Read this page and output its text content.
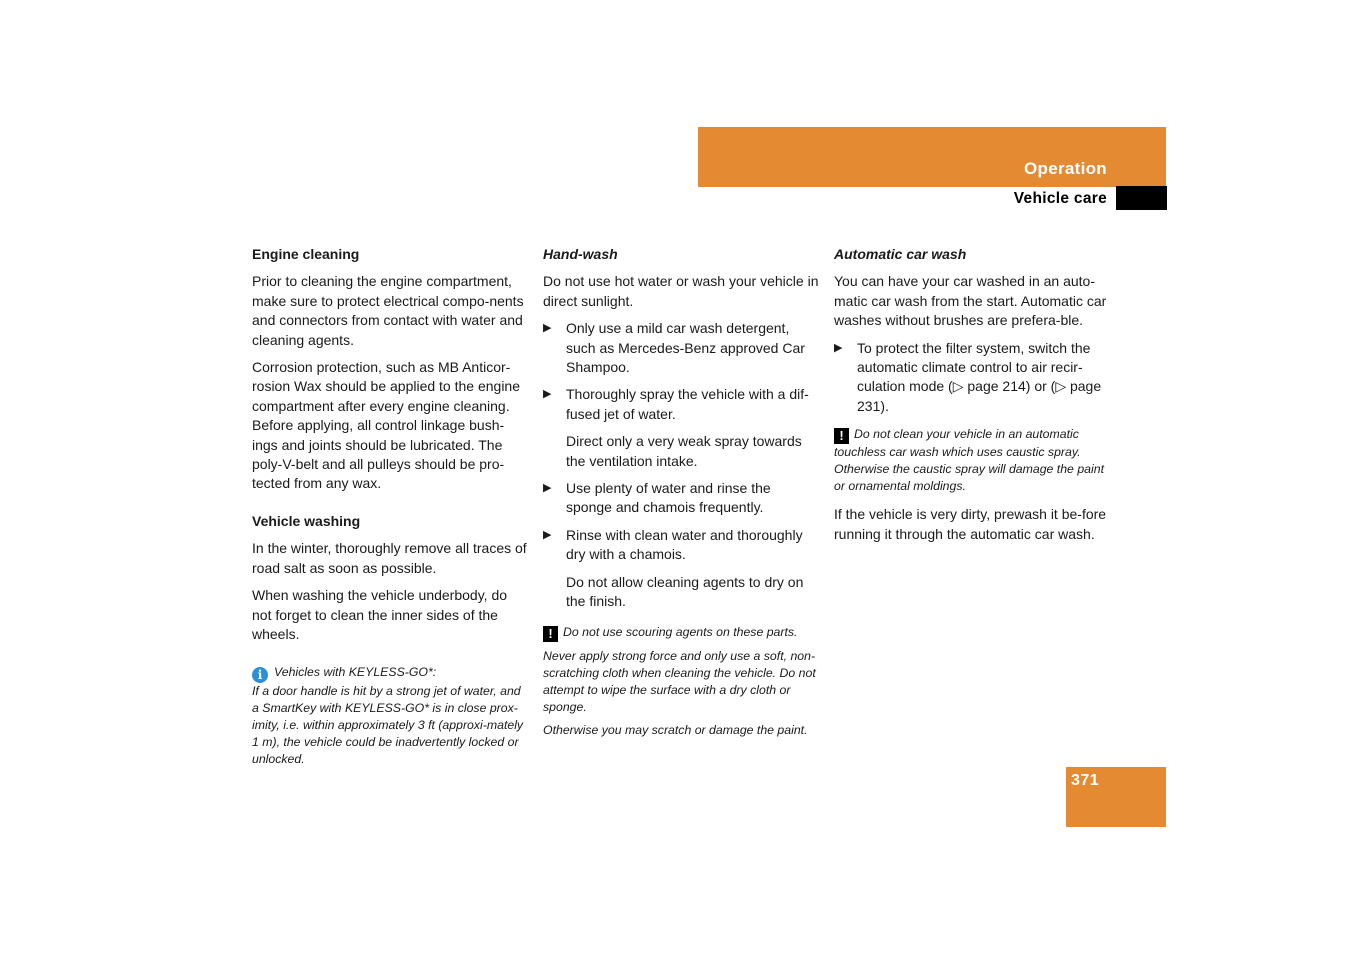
Operation
Vehicle care
Engine cleaning

Prior to cleaning the engine compartment, make sure to protect electrical compo-nents and connectors from contact with water and cleaning agents.

Corrosion protection, such as MB Anticor-rosion Wax should be applied to the engine compartment after every engine cleaning. Before applying, all control linkage bush-ings and joints should be lubricated. The poly-V-belt and all pulleys should be pro-tected from any wax.

Vehicle washing

In the winter, thoroughly remove all traces of road salt as soon as possible.

When washing the vehicle underbody, do not forget to clean the inner sides of the wheels.

i Vehicles with KEYLESS-GO*:
If a door handle is hit by a strong jet of water, and a SmartKey with KEYLESS-GO* is in close prox-imity, i.e. within approximately 3 ft (approxi-mately 1 m), the vehicle could be inadvertently locked or unlocked.
Hand-wash

Do not use hot water or wash your vehicle in direct sunlight.

▶ Only use a mild car wash detergent, such as Mercedes-Benz approved Car Shampoo.
▶ Thoroughly spray the vehicle with a dif-fused jet of water.
Direct only a very weak spray towards the ventilation intake.
▶ Use plenty of water and rinse the sponge and chamois frequently.
▶ Rinse with clean water and thoroughly dry with a chamois.
Do not allow cleaning agents to dry on the finish.
! Do not use scouring agents on these parts.
Never apply strong force and only use a soft, non-scratching cloth when cleaning the vehicle. Do not attempt to wipe the surface with a dry cloth or sponge.
Otherwise you may scratch or damage the paint.
Automatic car wash

You can have your car washed in an auto-matic car wash from the start. Automatic car washes without brushes are prefera-ble.

▶ To protect the filter system, switch the automatic climate control to air recir-culation mode (▷ page 214) or (▷ page 231).
! Do not clean your vehicle in an automatic touchless car wash which uses caustic spray. Otherwise the caustic spray will damage the paint or ornamental moldings.

If the vehicle is very dirty, prewash it be-fore running it through the automatic car wash.

371
